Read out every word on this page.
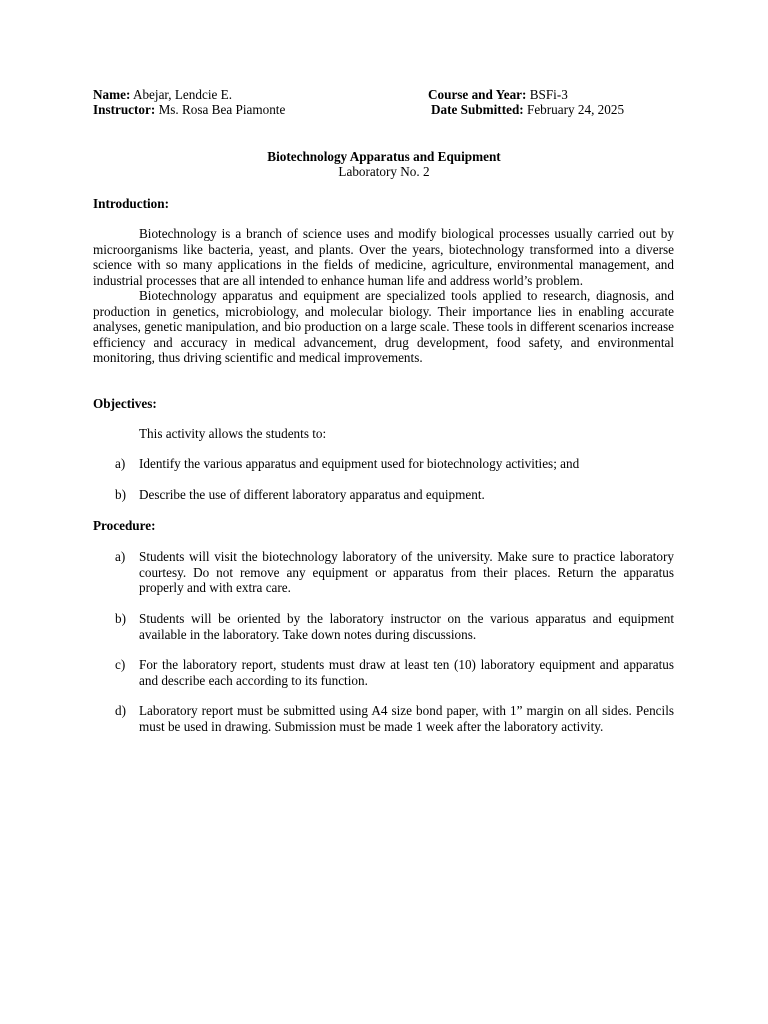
Name: Abejar, Lendcie E.	Course and Year: BSFi-3
Instructor: Ms. Rosa Bea Piamonte	Date Submitted: February 24, 2025
Biotechnology Apparatus and Equipment
Laboratory No. 2
Introduction:

Biotechnology is a branch of science uses and modify biological processes usually carried out by microorganisms like bacteria, yeast, and plants. Over the years, biotechnology transformed into a diverse science with so many applications in the fields of medicine, agriculture, environmental management, and industrial processes that are all intended to enhance human life and address world’s problem.

Biotechnology apparatus and equipment are specialized tools applied to research, diagnosis, and production in genetics, microbiology, and molecular biology. Their importance lies in enabling accurate analyses, genetic manipulation, and bio production on a large scale. These tools in different scenarios increase efficiency and accuracy in medical advancement, drug development, food safety, and environmental monitoring, thus driving scientific and medical improvements.

Objectives:
This activity allows the students to:
a) Identify the various apparatus and equipment used for biotechnology activities; and
b) Describe the use of different laboratory apparatus and equipment.
Procedure:
a) Students will visit the biotechnology laboratory of the university. Make sure to practice laboratory courtesy. Do not remove any equipment or apparatus from their places. Return the apparatus properly and with extra care.
b) Students will be oriented by the laboratory instructor on the various apparatus and equipment available in the laboratory. Take down notes during discussions.
c) For the laboratory report, students must draw at least ten (10) laboratory equipment and apparatus and describe each according to its function.
d) Laboratory report must be submitted using A4 size bond paper, with 1” margin on all sides. Pencils must be used in drawing. Submission must be made 1 week after the laboratory activity.
